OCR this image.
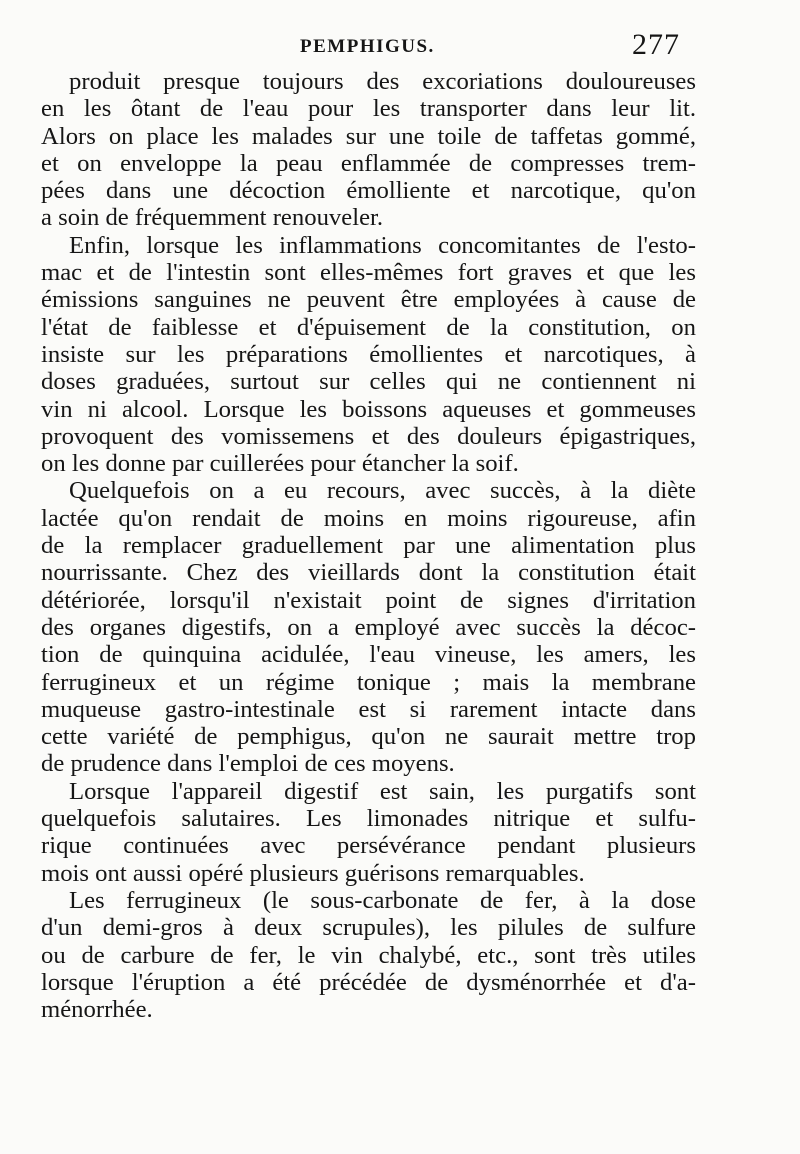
PEMPHIGUS.	277

produit presque toujours des excoriations douloureuses
en les ôtant de l'eau pour les transporter dans leur lit.
Alors on place les malades sur une toile de taffetas gommé,
et on enveloppe la peau enflammée de compresses trem-
pées dans une décoction émolliente et narcotique, qu'on
a soin de fréquemment renouveler.

Enfin, lorsque les inflammations concomitantes de l'esto-
mac et de l'intestin sont elles-mêmes fort graves et que les
émissions sanguines ne peuvent être employées à cause de
l'état de faiblesse et d'épuisement de la constitution, on
insiste sur les préparations émollientes et narcotiques, à
doses graduées, surtout sur celles qui ne contiennent ni
vin ni alcool. Lorsque les boissons aqueuses et gommeuses
provoquent des vomissemens et des douleurs épigastriques,
on les donne par cuillerées pour étancher la soif.

Quelquefois on a eu recours, avec succès, à la diète
lactée qu'on rendait de moins en moins rigoureuse, afin
de la remplacer graduellement par une alimentation plus
nourrissante. Chez des vieillards dont la constitution était
détériorée, lorsqu'il n'existait point de signes d'irritation
des organes digestifs, on a employé avec succès la décoc-
tion de quinquina acidulée, l'eau vineuse, les amers, les
ferrugineux et un régime tonique ; mais la membrane
muqueuse gastro-intestinale est si rarement intacte dans
cette variété de pemphigus, qu'on ne saurait mettre trop
de prudence dans l'emploi de ces moyens.

Lorsque l'appareil digestif est sain, les purgatifs sont
quelquefois salutaires. Les limonades nitrique et sulfu-
rique continuées avec persévérance pendant plusieurs
mois ont aussi opéré plusieurs guérisons remarquables.

Les ferrugineux (le sous-carbonate de fer, à la dose
d'un demi-gros à deux scrupules), les pilules de sulfure
ou de carbure de fer, le vin chalybé, etc., sont très utiles
lorsque l'éruption a été précédée de dysménorrhée et d'a-
ménorrhée.
